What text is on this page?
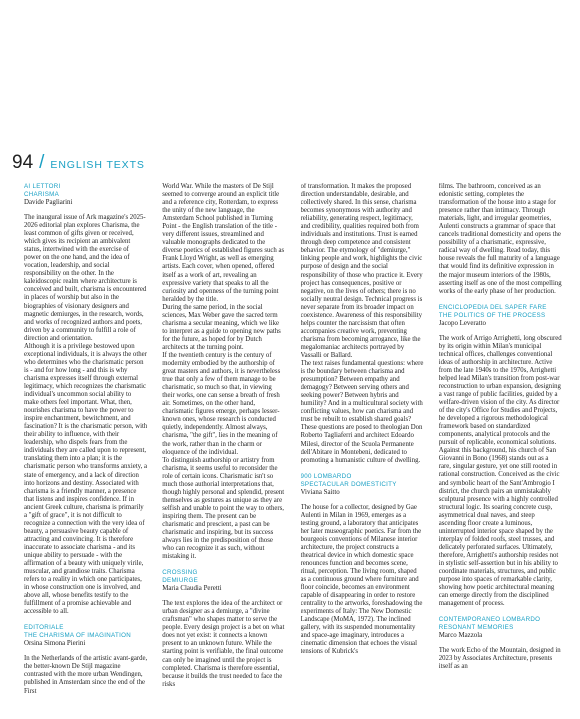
94 / ENGLISH TEXTS
AI LETTORI
CHARISMA
Davide Pagliarini

The inaugural issue of Ark magazine's 2025-2026 editorial plan explores Charisma, the least common of gifts given or received, which gives its recipient an ambivalent status, intertwined with the exercise of power on the one hand, and the idea of vocation, leadership, and social responsibility on the other. In the kaleidoscopic realm where architecture is conceived and built, charisma is encountered in places of worship but also in the biographies of visionary designers and magnetic demiurges, in the research, words, and works of recognized authors and poets, driven by a community to fulfill a role of direction and orientation.

Although it is a privilege bestowed upon exceptional individuals, it is always the other who determines who the charismatic person is - and for how long - and this is why charisma expresses itself through external legitimacy, which recognizes the charismatic individual's uncommon social ability to make others feel important. What, then, nourishes charisma to have the power to inspire enchantment, bewitchment, and fascination? It is the charismatic person, with their ability to influence, with their leadership, who dispels fears from the individuals they are called upon to represent, translating them into a plan; it is the charismatic person who transforms anxiety, a state of emergency, and a lack of direction into horizons and destiny. Associated with charisma is a friendly manner, a presence that listens and inspires confidence. If in ancient Greek culture, charisma is primarily a "gift of grace", it is not difficult to recognize a connection with the very idea of beauty, a persuasive beauty capable of attracting and convincing. It is therefore inaccurate to associate charisma - and its unique ability to persuade - with the affirmation of a beauty with uniquely virile, muscular, and grandiose traits. Charisma refers to a reality in which one participates, in whose construction one is involved, and above all, whose benefits testify to the fulfillment of a promise achievable and accessible to all.

EDITORIALE
THE CHARISMA OF IMAGINATION
Orsina Simona Pierini

In the Netherlands of the artistic avant-garde, the better-known De Stijl magazine contrasted with the more urban Wendingen, published in Amsterdam since the end of the First

World War. While the masters of De Stijl seemed to converge around an explicit title and a reference city, Rotterdam, to express the unity of the new language, the Amsterdam School published in Turning Point - the English translation of the title - very different issues, streamlined and valuable monographs dedicated to the diverse poetics of established figures such as Frank Lloyd Wright, as well as emerging artists. Each cover, when opened, offered itself as a work of art, revealing an expressive variety that speaks to all the curiosity and openness of the turning point heralded by the title.

During the same period, in the social sciences, Max Weber gave the sacred term charisma a secular meaning, which we like to interpret as a guide to opening new paths for the future, as hoped for by Dutch architects at the turning point.

If the twentieth century is the century of modernity embodied by the authorship of great masters and authors, it is nevertheless true that only a few of them manage to be charismatic, so much so that, in viewing their works, one can sense a breath of fresh air. Sometimes, on the other hand, charismatic figures emerge, perhaps lesser-known ones, whose research is conducted quietly, independently. Almost always, charisma, "the gift", lies in the meaning of the work, rather than in the charm or eloquence of the individual.

To distinguish authorship or artistry from charisma, it seems useful to reconsider the role of certain icons. Charismatic isn't so much those authorial interpretations that, though highly personal and splendid, present themselves as gestures as unique as they are selfish and unable to point the way to others, inspiring them. The present can be charismatic and prescient, a past can be charismatic and inspiring, but its success always lies in the predisposition of those who can recognize it as such, without mistaking it.

CROSSING
DEMIURGE
Maria Claudia Peretti

The text explores the idea of the architect or urban designer as a demiurge, a "divine craftsman" who shapes matter to serve the people. Every design project is a bet on what does not yet exist: it connects a known present to an unknown future. While the starting point is verifiable, the final outcome can only be imagined until the project is completed. Charisma is therefore essential, because it builds the trust needed to face the risks

of transformation. It makes the proposed direction understandable, desirable, and collectively shared. In this sense, charisma becomes synonymous with authority and reliability, generating respect, legitimacy, and credibility, qualities required both from individuals and institutions. Trust is earned through deep competence and consistent behavior. The etymology of "demiurge," linking people and work, highlights the civic purpose of design and the social responsibility of those who practice it. Every project has consequences, positive or negative, on the lives of others; there is no socially neutral design. Technical progress is never separate from its broader impact on coexistence. Awareness of this responsibility helps counter the narcissism that often accompanies creative work, preventing charisma from becoming arrogance, like the megalomaniac architects portrayed by Vassalli or Ballard.

The text raises fundamental questions: where is the boundary between charisma and presumption? Between empathy and demagogy? Between serving others and seeking power? Between hybris and humility? And in a multicultural society with conflicting values, how can charisma and trust be rebuilt to establish shared goals?

These questions are posed to theologian Don Roberto Tagliaferri and architect Edoardo Milesi, director of the Scuola Permanente dell'Abitare in Montebeni, dedicated to promoting a humanistic culture of dwelling.

900 LOMBARDO
SPECTACULAR DOMESTICITY
Viviana Saitto

The house for a collector, designed by Gae Aulenti in Milan in 1969, emerges as a testing ground, a laboratory that anticipates her later museographic poetics. Far from the bourgeois conventions of Milanese interior architecture, the project constructs a theatrical device in which domestic space renounces function and becomes scene, ritual, perception. The living room, shaped as a continuous ground where furniture and floor coincide, becomes an environment capable of disappearing in order to restore centrality to the artworks, foreshadowing the experiments of Italy: The New Domestic Landscape (MoMA, 1972). The inclined gallery, with its suspended monumentality and space-age imaginary, introduces a cinematic dimension that echoes the visual tensions of Kubrick's

films. The bathroom, conceived as an edonistic setting, completes the transformation of the house into a stage for presence rather than intimacy. Through materials, light, and irregular geometries, Aulenti constructs a grammar of space that cancels traditional domesticity and opens the possibility of a charismatic, expressive, radical way of dwelling. Read today, this house reveals the full maturity of a language that would find its definitive expression in the major museum interiors of the 1980s, asserting itself as one of the most compelling works of the early phase of her production.

ENCICLOPEDIA DEL SAPER FARE
THE POLITICS OF THE PROCESS
Jacopo Leveratto

The work of Arrigo Arrighetti, long obscured by its origin within Milan's municipal technical offices, challenges conventional ideas of authorship in architecture. Active from the late 1940s to the 1970s, Arrighetti helped lead Milan's transition from post-war reconstruction to urban expansion, designing a vast range of public facilities, guided by a welfare-driven vision of the city. As director of the city's Office for Studies and Projects, he developed a rigorous methodological framework based on standardized components, analytical protocols and the pursuit of replicable, economical solutions. Against this background, his church of San Giovanni in Bono (1968) stands out as a rare, singular gesture, yet one still rooted in rational construction. Conceived as the civic and symbolic heart of the Sant'Ambrogio I district, the church pairs an unmistakably sculptural presence with a highly controlled structural logic. Its soaring concrete cusp, asymmetrical dual naves, and steep ascending floor create a luminous, uninterrupted interior space shaped by the interplay of folded roofs, steel trusses, and delicately perforated surfaces. Ultimately, therefore, Arrighetti's authorship resides not in stylistic self-assertion but in his ability to coordinate materials, structures, and public purpose into spaces of remarkable clarity, showing how poetic architectural meaning can emerge directly from the disciplined management of process.

CONTEMPORANEO LOMBARDO
RESONANT MEMORIES
Marco Mazzola

The work Echo of the Mountain, designed in 2023 by Associates Architecture, presents itself as an
